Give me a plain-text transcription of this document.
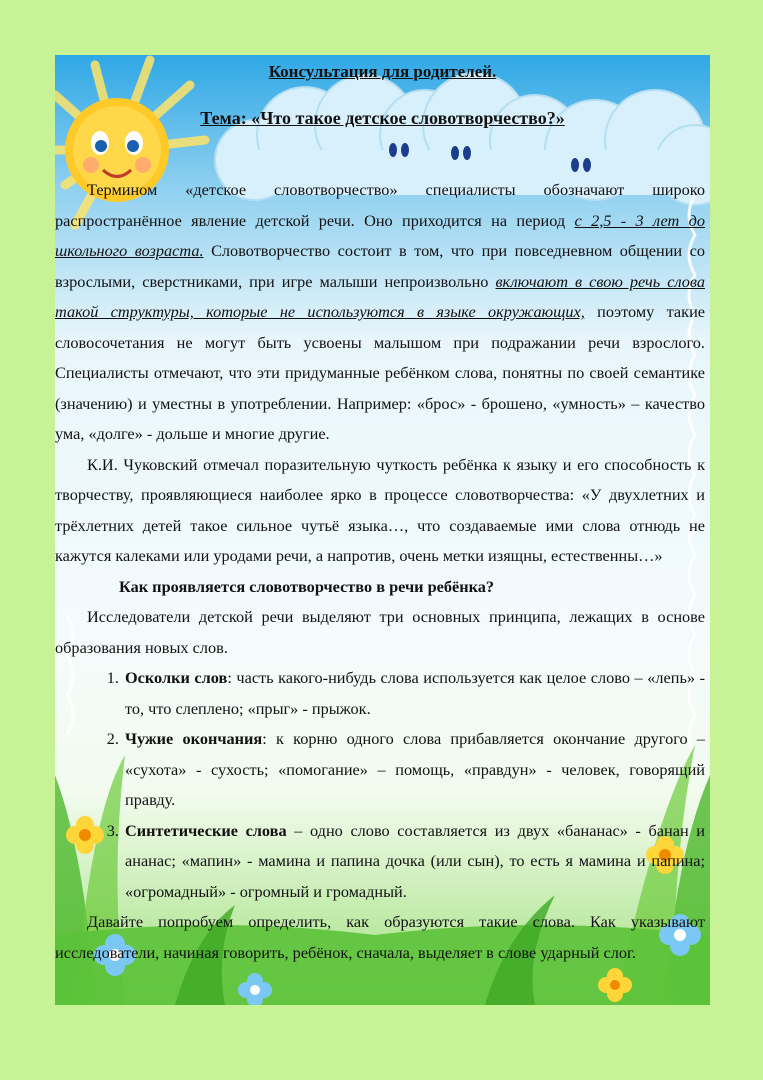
Консультация для родителей.
Тема: «Что такое детское словотворчество?»

Термином «детское словотворчество» специалисты обозначают широко распространённое явление детской речи. Оно приходится на период с 2,5 - 3 лет до школьного возраста. Словотворчество состоит в том, что при повседневном общении со взрослыми, сверстниками, при игре малыши непроизвольно включают в свою речь слова такой структуры, которые не используются в языке окружающих, поэтому такие словосочетания не могут быть усвоены малышом при подражании речи взрослого. Специалисты отмечают, что эти придуманные ребёнком слова, понятны по своей семантике (значению) и уместны в употреблении. Например: «брос» - брошено, «умность» – качество ума, «долге» - дольше и многие другие.

К.И. Чуковский отмечал поразительную чуткость ребёнка к языку и его способность к творчеству, проявляющиеся наиболее ярко в процессе словотворчества: «У двухлетних и трёхлетних детей такое сильное чутьё языка…, что создаваемые ими слова отнюдь не кажутся калеками или уродами речи, а напротив, очень метки изящны, естественны…»

Как проявляется словотворчество в речи ребёнка?

Исследователи детской речи выделяют три основных принципа, лежащих в основе образования новых слов.

1. Осколки слов: часть какого-нибудь слова используется как целое слово – «лепь» - то, что слеплено; «прыг» - прыжок.
2. Чужие окончания: к корню одного слова прибавляется окончание другого – «сухота» - сухость; «помогание» – помощь, «правдун» - человек, говорящий правду.
3. Синтетические слова – одно слово составляется из двух «бананас» - банан и ананас; «мапин» - мамина и папина дочка (или сын), то есть я мамина и папина; «огромадный» - огромный и громадный.

Давайте попробуем определить, как образуются такие слова. Как указывают исследователи, начиная говорить, ребёнок, сначала, выделяет в слове ударный слог.
